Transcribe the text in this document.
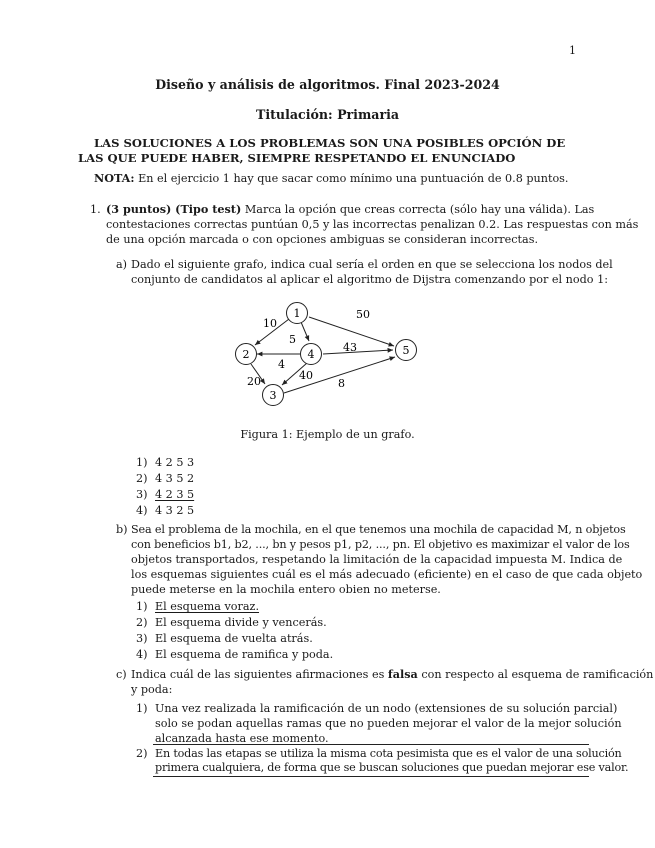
1
Diseño y análisis de algoritmos. Final 2023-2024
Titulación: Primaria
LAS SOLUCIONES A LOS PROBLEMAS SON UNA POSIBLES OPCIÓN DE
LAS QUE PUEDE HABER, SIEMPRE RESPETANDO EL ENUNCIADO
NOTA: En el ejercicio 1 hay que sacar como mínimo una puntuación de 0.8 puntos.
1. (3 puntos) (Tipo test) Marca la opción que creas correcta (sólo hay una válida). Las
contestaciones correctas puntúan 0,5 y las incorrectas penalizan 0.2. Las respuestas con más
de una opción marcada o con opciones ambiguas se consideran incorrectas.
a) Dado el siguiente grafo, indica cual sería el orden en que se selecciona los nodos del
conjunto de candidatos al aplicar el algoritmo de Dijstra comenzando por el nodo 1:
1
2
3
4	5
10
5
50
4
43
40
20	8
Figura 1: Ejemplo de un grafo.
1) 4 2 5 3
2) 4 3 5 2
3) 4 2 3 5
4) 4 3 2 5
b) Sea el problema de la mochila, en el que tenemos una mochila de capacidad M, n objetos
con beneficios b1, b2, ..., bn y pesos p1, p2, ..., pn. El objetivo es maximizar el valor de los
objetos transportados, respetando la limitación de la capacidad impuesta M. Indica de
los esquemas siguientes cuál es el más adecuado (eficiente) en el caso de que cada objeto
puede meterse en la mochila entero obien no meterse.
1) El esquema voraz.
2) El esquema divide y vencerás.
3) El esquema de vuelta atrás.
4) El esquema de ramifica y poda.
c) Indica cuál de las siguientes afirmaciones es falsa con respecto al esquema de ramificación
y poda:
1) Una vez realizada la ramificación de un nodo (extensiones de su solución parcial)
solo se podan aquellas ramas que no pueden mejorar el valor de la mejor solución
alcanzada hasta ese momento.
2) En todas las etapas se utiliza la misma cota pesimista que es el valor de una solución
primera cualquiera, de forma que se buscan soluciones que puedan mejorar ese valor.
